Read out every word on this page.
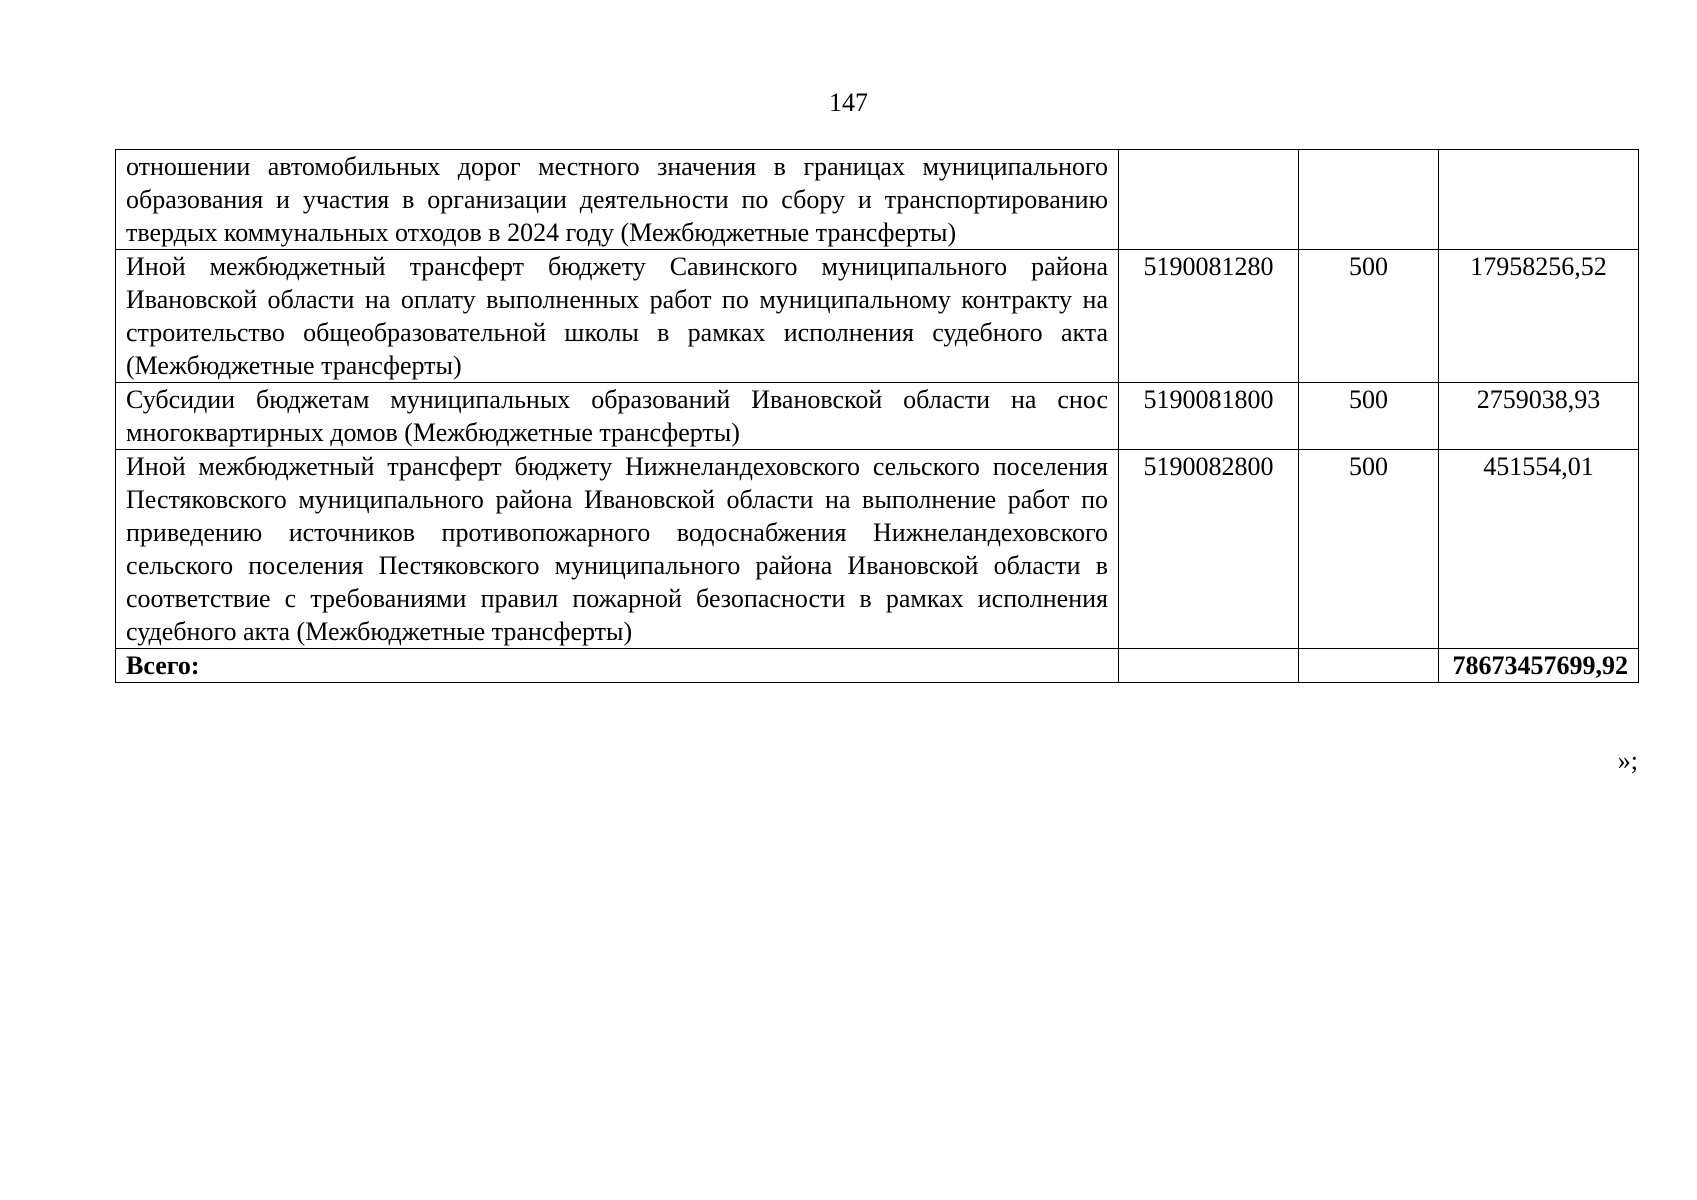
147
отношении автомобильных дорог местного значения в границах муниципального образования и участия в организации деятельности по сбору и транспортированию твердых коммунальных отходов в 2024 году (Межбюджетные трансферты)			
Иной межбюджетный трансферт бюджету Савинского муниципального района Ивановской области на оплату выполненных работ по муниципальному контракту на строительство общеобразовательной школы в рамках исполнения судебного акта (Межбюджетные трансферты)	5190081280	500	17958256,52
Субсидии бюджетам муниципальных образований Ивановской области на снос многоквартирных домов (Межбюджетные трансферты)	5190081800	500	2759038,93
Иной межбюджетный трансферт бюджету Нижнеландеховского сельского поселения Пестяковского муниципального района Ивановской области на выполнение работ по приведению источников противопожарного водоснабжения Нижнеландеховского сельского поселения Пестяковского муниципального района Ивановской области в соответствие с требованиями правил пожарной безопасности в рамках исполнения судебного акта (Межбюджетные трансферты)	5190082800	500	451554,01
Всего:			78673457699,92
»;
